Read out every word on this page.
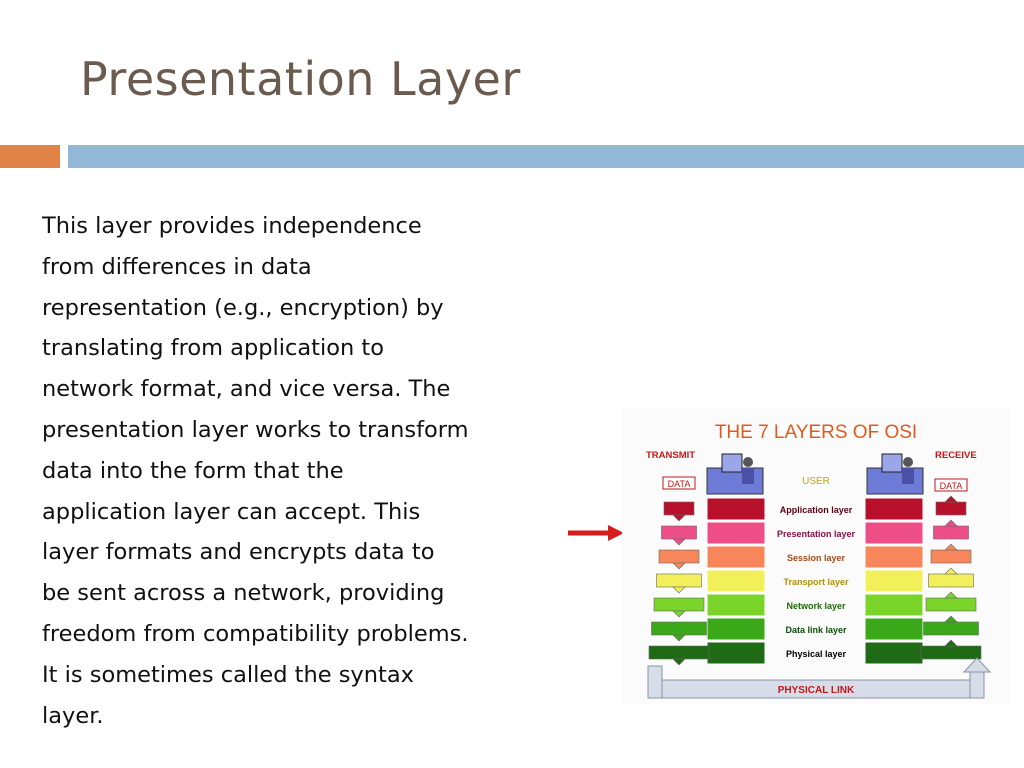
Presentation Layer
This layer provides independence
from differences in data
representation (e.g., encryption) by
translating from application to
network format, and vice versa. The
presentation layer works to transform
data into the form that the
application layer can accept. This
layer formats and encrypts data to
be sent across a network, providing
freedom from compatibility problems.
It is sometimes called the syntax
layer.
THE 7 LAYERS OF OSI
TRANSMIT	RECEIVE
USER
DATA	DATA
Application layer
Presentation layer
Session layer
Transport layer
Network layer
Data link layer
Physical layer
PHYSICAL LINK
